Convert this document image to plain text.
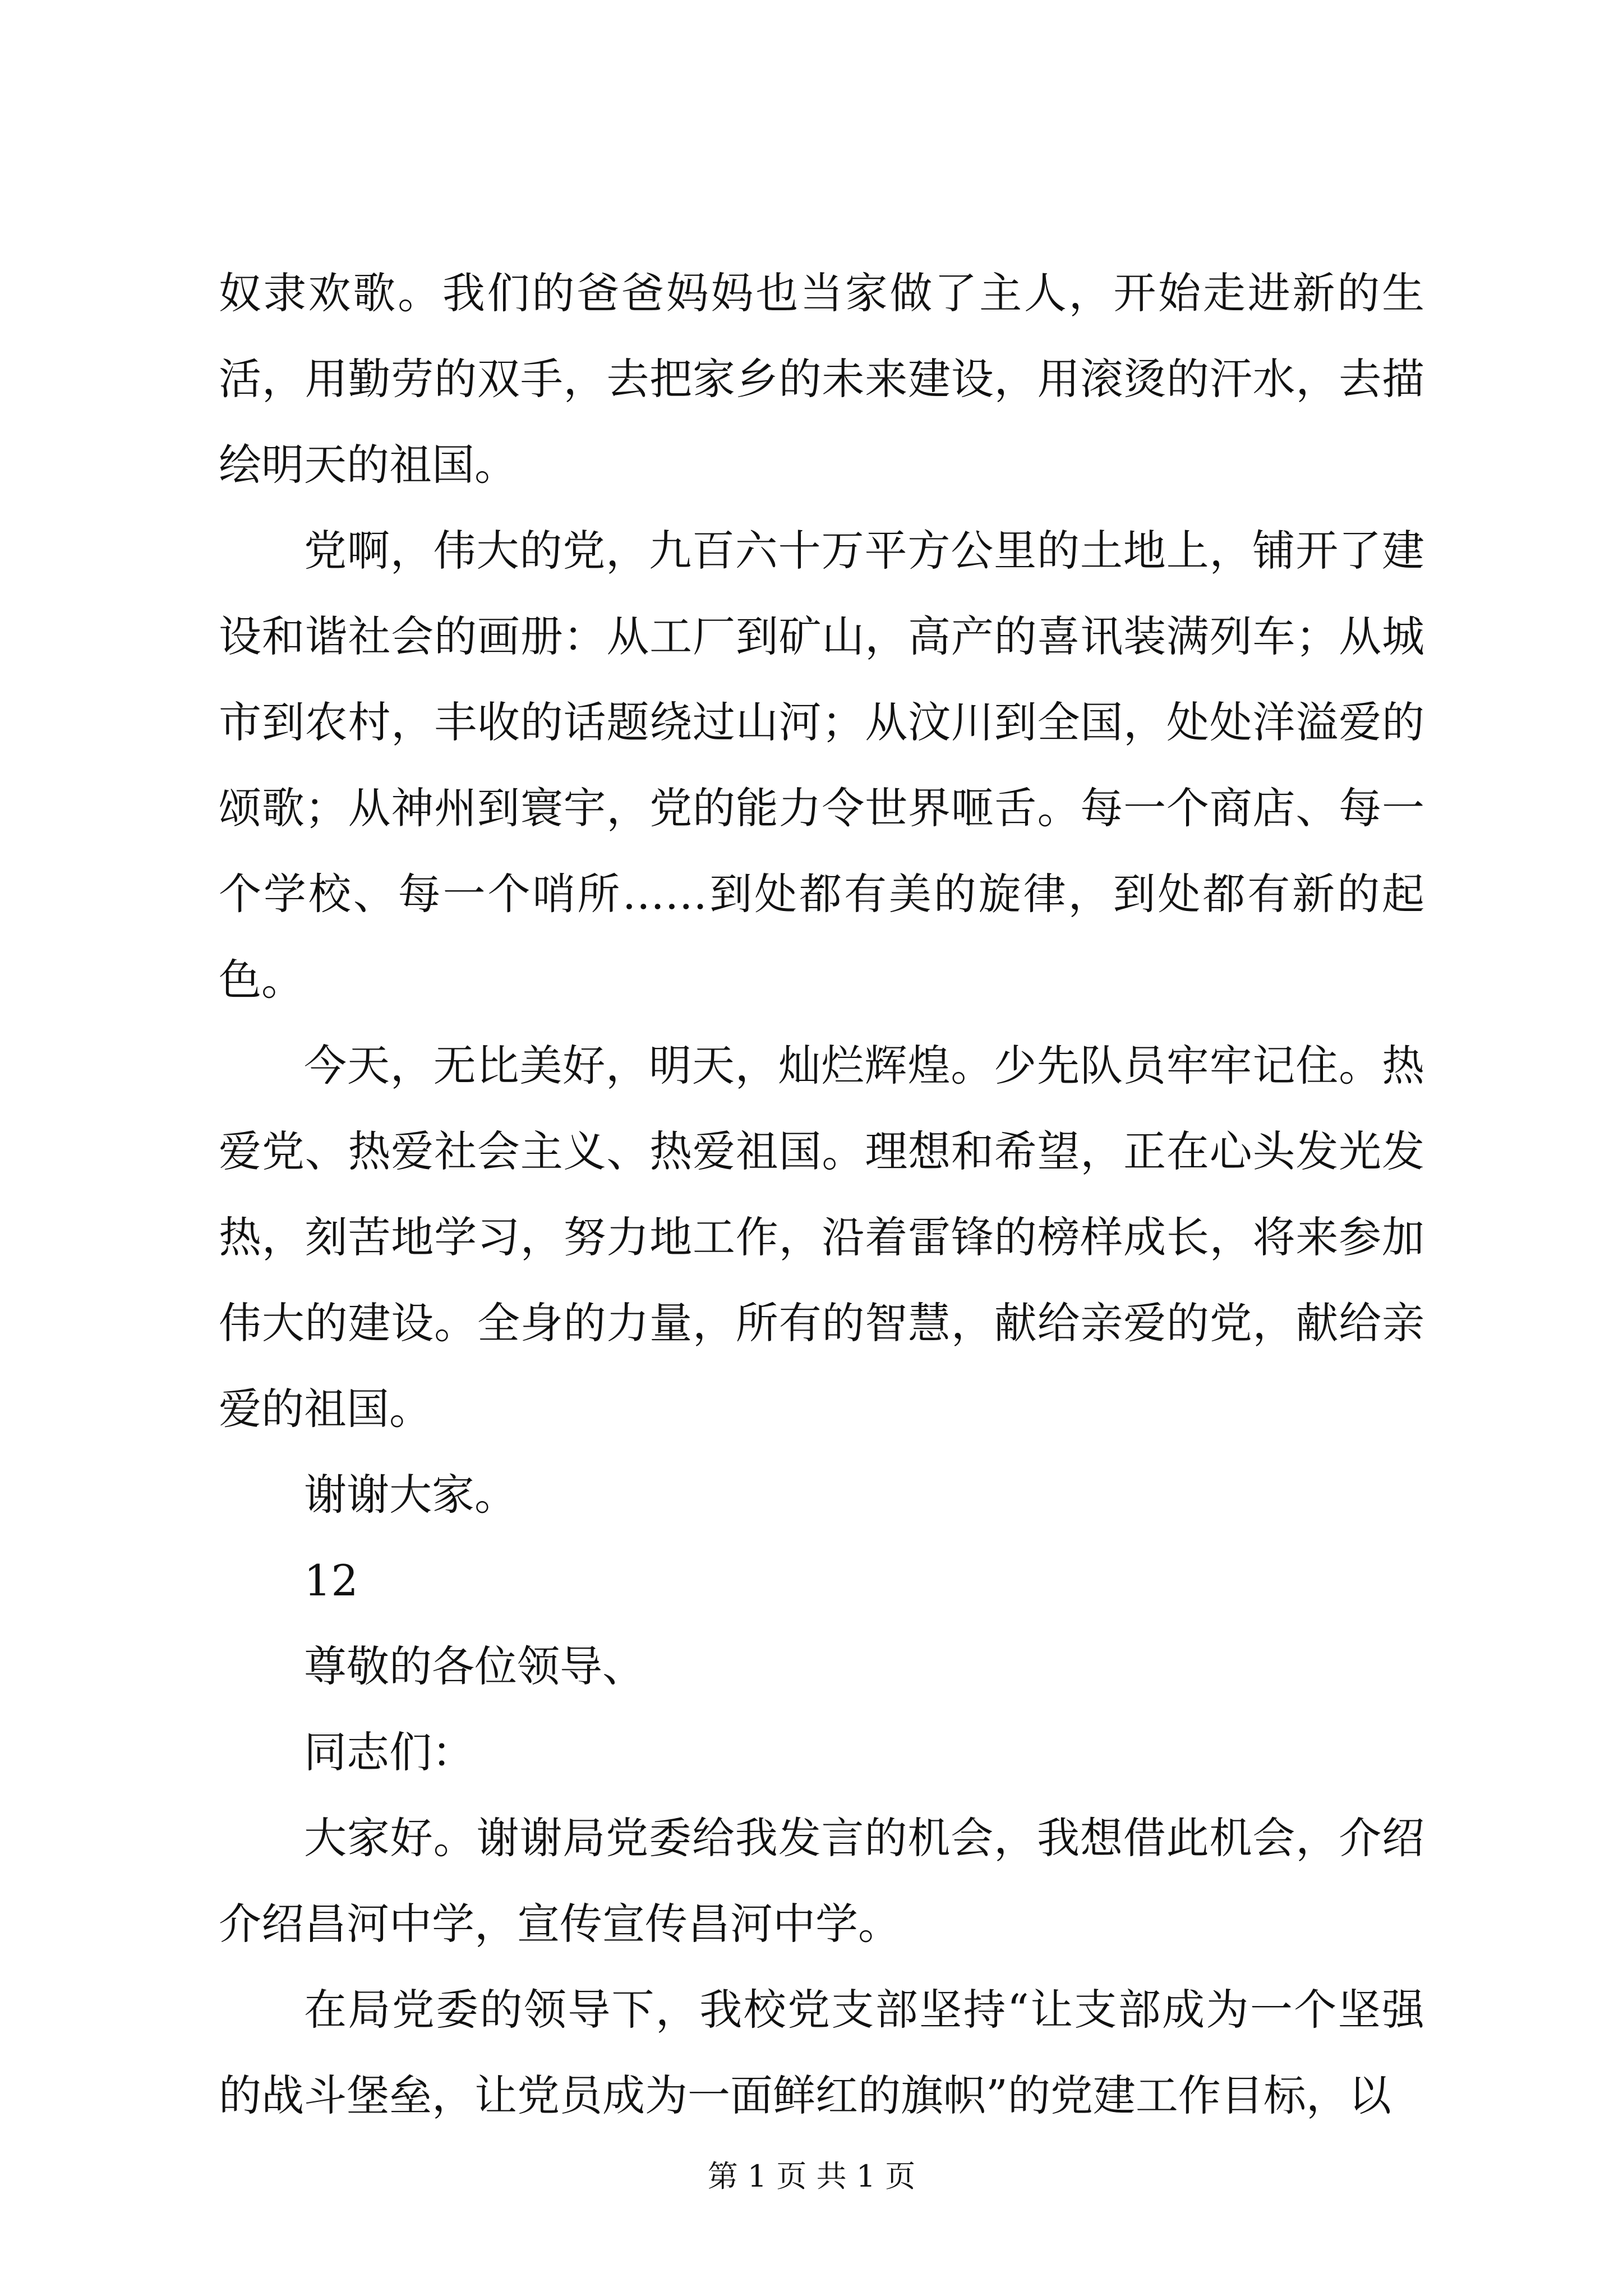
奴隶欢歌。我们的爸爸妈妈也当家做了主人，开始走进新的生活，用勤劳的双手，去把家乡的未来建设，用滚烫的汗水，去描绘明天的祖国。

党啊，伟大的党，九百六十万平方公里的土地上，铺开了建设和谐社会的画册：从工厂到矿山，高产的喜讯装满列车；从城市到农村，丰收的话题绕过山河；从汶川到全国，处处洋溢爱的颂歌；从神州到寰宇，党的能力令世界咂舌。每一个商店、每一个学校、每一个哨所……到处都有美的旋律，到处都有新的起色。

今天，无比美好，明天，灿烂辉煌。少先队员牢牢记住。热爱党、热爱社会主义、热爱祖国。理想和希望，正在心头发光发热，刻苦地学习，努力地工作，沿着雷锋的榜样成长，将来参加伟大的建设。全身的力量，所有的智慧，献给亲爱的党，献给亲爱的祖国。

谢谢大家。

12

尊敬的各位领导、

同志们：

大家好。谢谢局党委给我发言的机会，我想借此机会，介绍介绍昌河中学，宣传宣传昌河中学。

在局党委的领导下，我校党支部坚持“让支部成为一个坚强的战斗堡垒，让党员成为一面鲜红的旗帜”的党建工作目标，以

第 1 页 共 1 页
